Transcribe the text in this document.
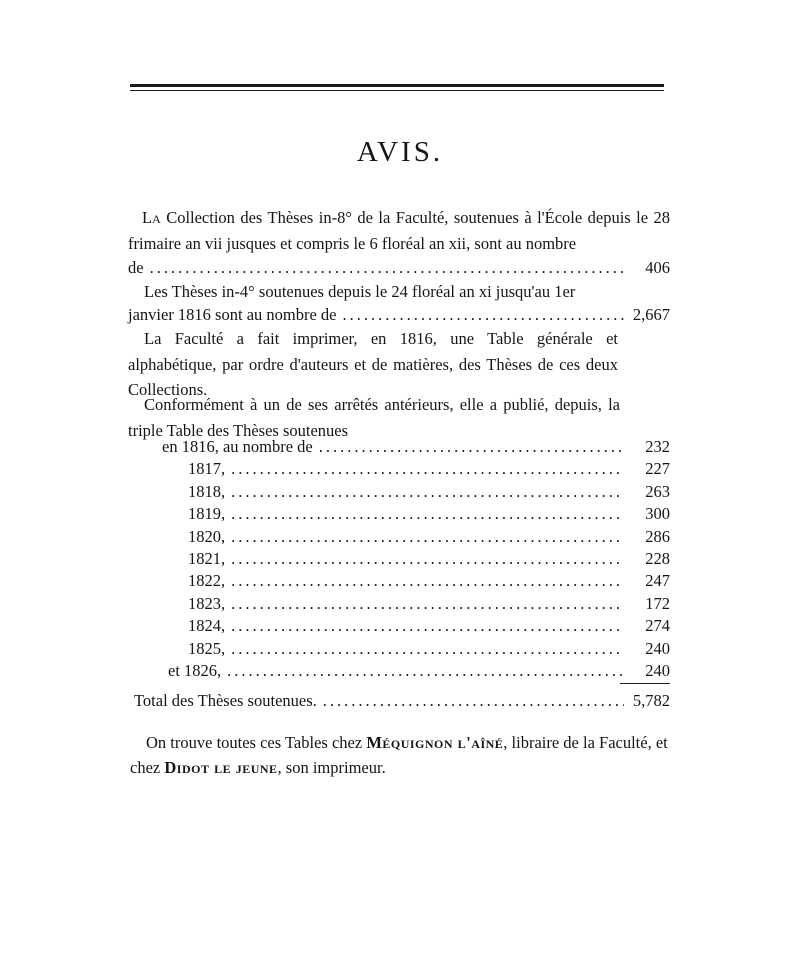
AVIS.
La Collection des Thèses in-8° de la Faculté, soutenues à l'École depuis le 28 frimaire an vii jusques et compris le 6 floréal an xii, sont au nombre
de .....	406
Les Thèses in-4° soutenues depuis le 24 floréal an xi jusqu'au 1er
janvier 1816 sont au nombre de .....	2,667
La Faculté a fait imprimer, en 1816, une Table générale et alphabétique, par ordre d'auteurs et de matières, des Thèses de ces deux Collections.
Conformément à un de ses arrêtés antérieurs, elle a publié, depuis, la triple Table des Thèses soutenues
en 1816, au nombre de .....	232
1817, .....	227
1818, .....	263
1819, .....	300
1820, .....	286
1821, .....	228
1822, .....	247
1823, .....	172
1824, .....	274
1825, .....	240
et 1826, .....	240
Total des Thèses soutenues. .....	5,782
On trouve toutes ces Tables chez Méquignon l'aîné, libraire de la Faculté, et chez Didot le jeune, son imprimeur.
